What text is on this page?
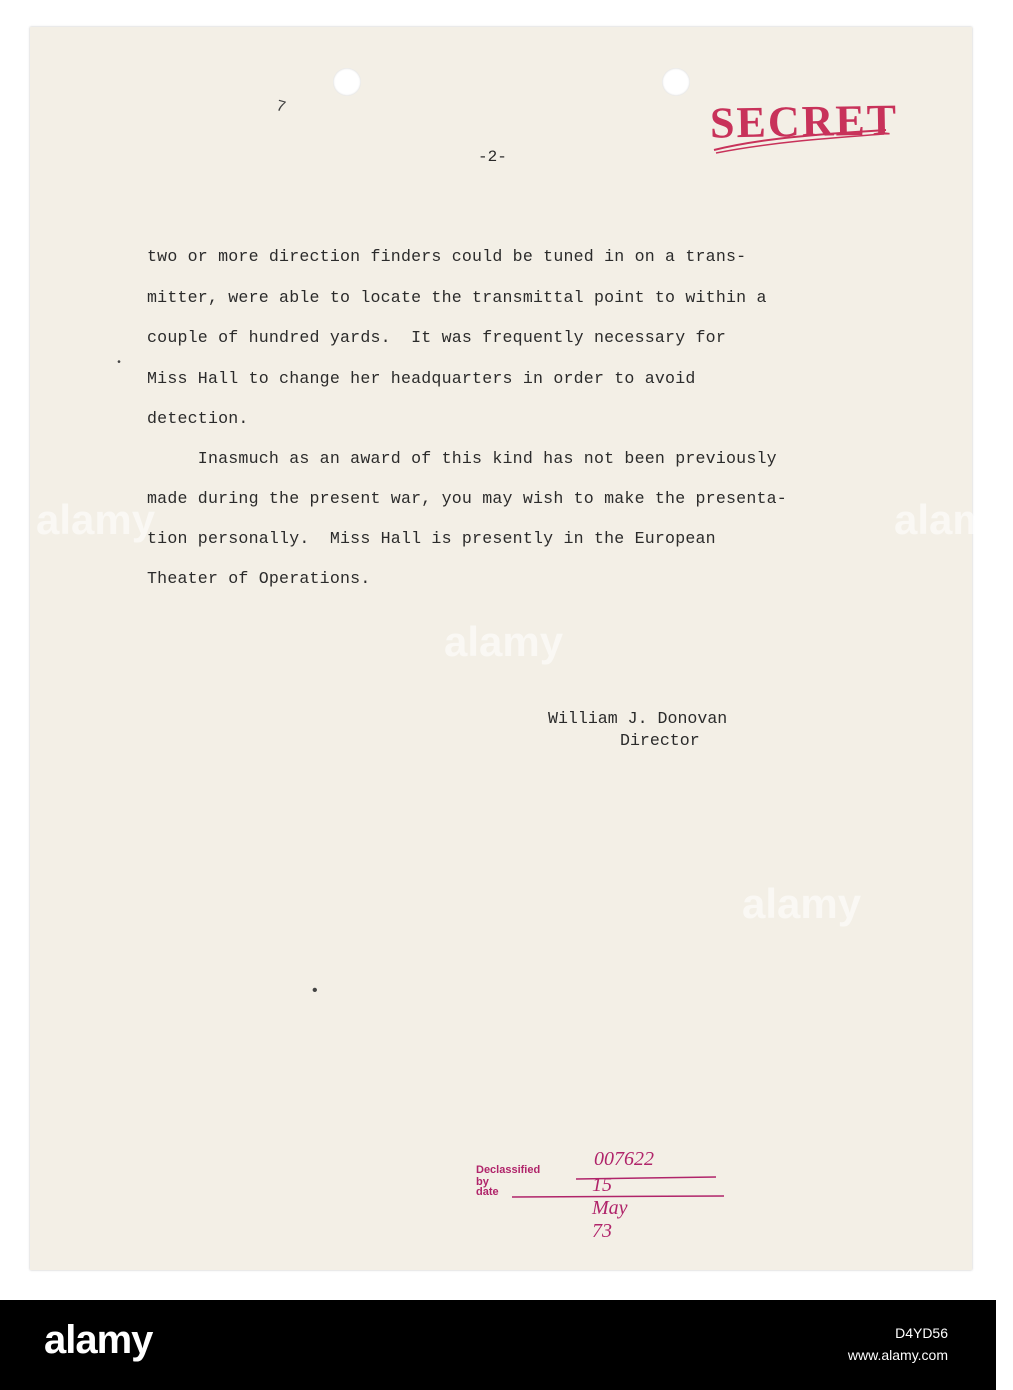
7	SECRET
-2-
two or more direction finders could be tuned in on a trans-
mitter, were able to locate the transmittal point to within a
couple of hundred yards.  It was frequently necessary for
Miss Hall to change her headquarters in order to avoid
detection.
Inasmuch as an award of this kind has not been previously
made during the present war, you may wish to make the presenta-
tion personally.  Miss Hall is presently in the European
Theater of Operations.
William J. Donovan
Director
Declassified by
007622
date	15 May 73
•
•
alamy
alamy
alamy
alamy
alamy	D4YD56
www.alamy.com
